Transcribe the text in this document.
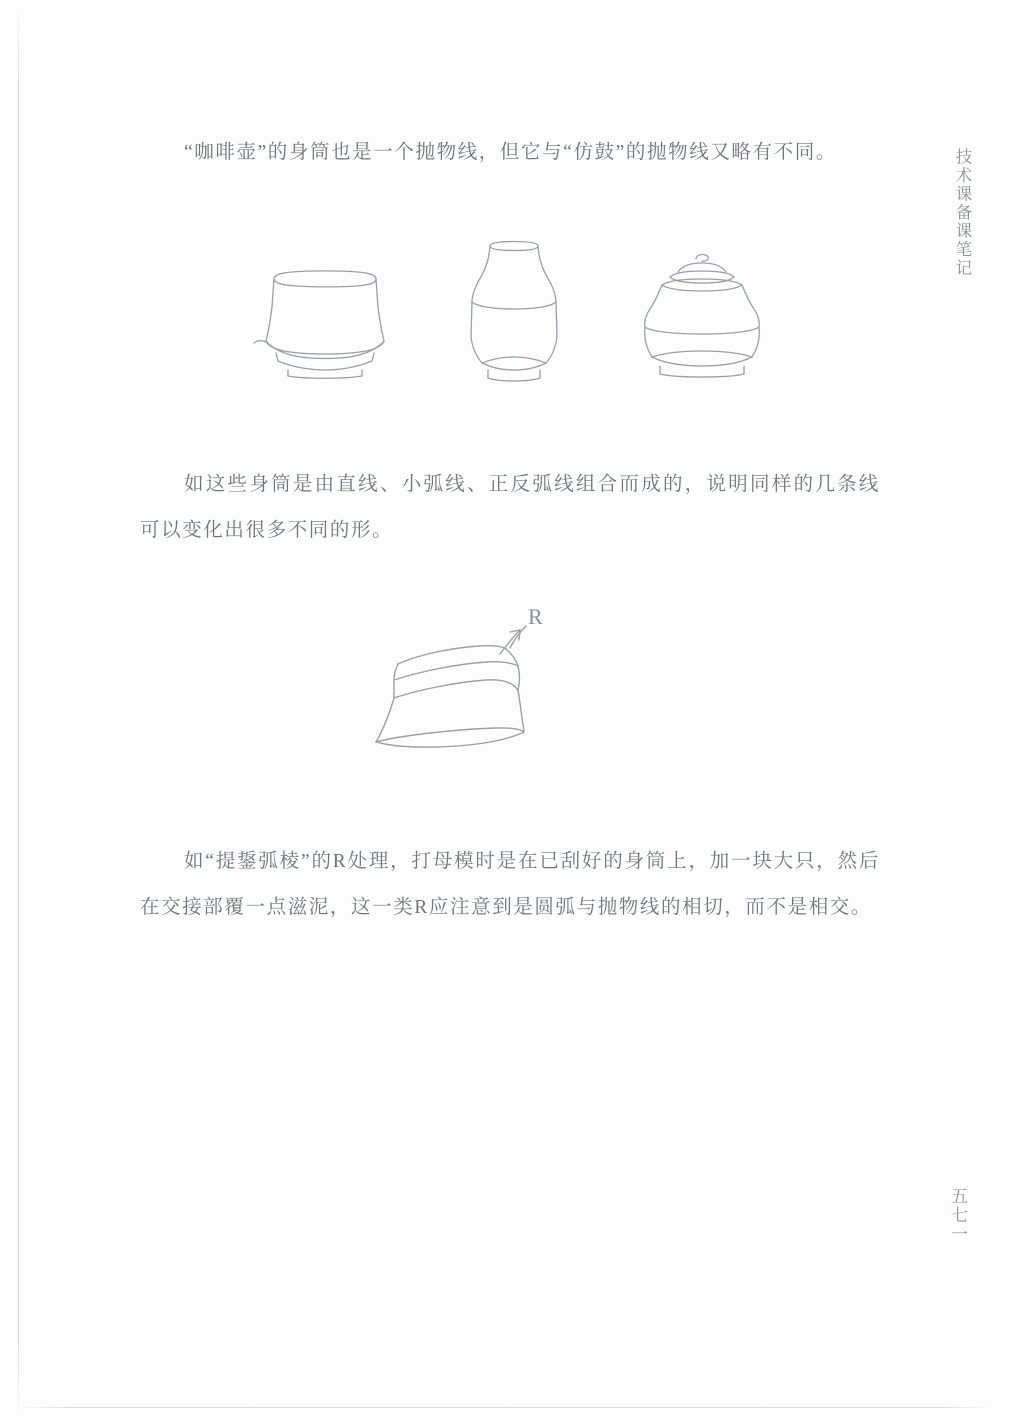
技术课备课笔记
五七一

“咖啡壶”的身筒也是一个抛物线，但它与“仿鼓”的抛物线又略有不同。

如这些身筒是由直线、小弧线、正反弧线组合而成的，说明同样的几条线可以变化出很多不同的形。

R

如“提鋬弧棱”的R处理，打母模时是在已刮好的身筒上，加一块大只，然后在交接部覆一点滋泥，这一类R应注意到是圆弧与抛物线的相切，而不是相交。
